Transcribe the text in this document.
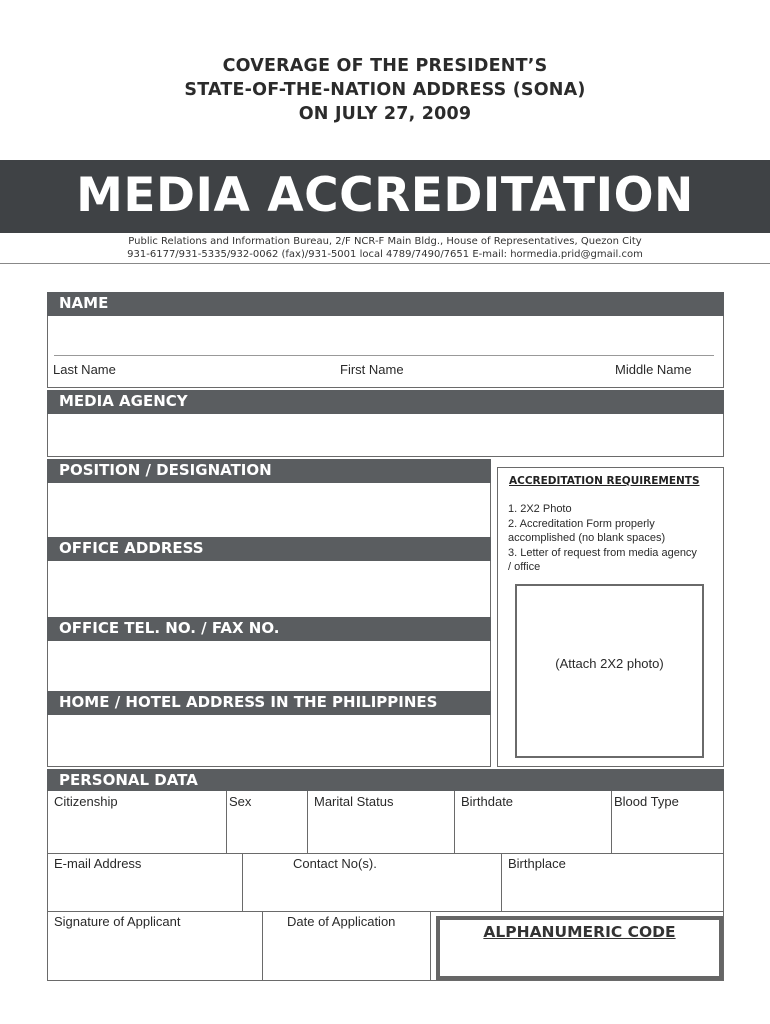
COVERAGE OF THE PRESIDENT’S
STATE-OF-THE-NATION ADDRESS (SONA)
ON JULY 27, 2009
MEDIA ACCREDITATION
Public Relations and Information Bureau, 2/F NCR-F Main Bldg., House of Representatives, Quezon City
931-6177/931-5335/932-0062 (fax)/931-5001 local 4789/7490/7651 E-mail: hormedia.prid@gmail.com
NAME
Last Name	First Name	Middle Name
MEDIA AGENCY
POSITION / DESIGNATION
OFFICE ADDRESS
OFFICE TEL. NO. / FAX NO.
HOME / HOTEL ADDRESS IN THE PHILIPPINES
ACCREDITATION REQUIREMENTS
1. 2X2 Photo
2. Accreditation Form properly
accomplished (no blank spaces)
3. Letter of request from media agency
/ office
(Attach 2X2 photo)
PERSONAL DATA
Citizenship	Sex	Marital Status	Birthdate	Blood Type
E-mail Address	Contact No(s).	Birthplace
Signature of Applicant	Date of Application
ALPHANUMERIC CODE
